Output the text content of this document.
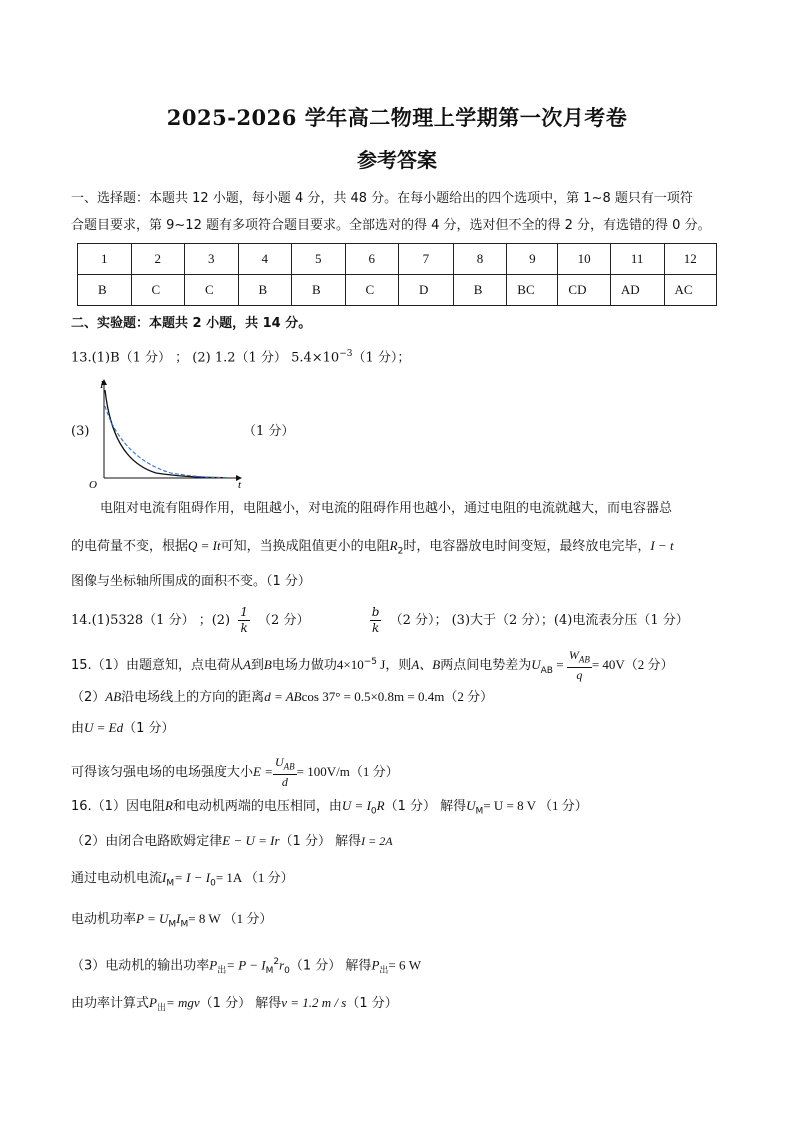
2025-2026 学年高二物理上学期第一次月考卷
参考答案
一、选择题：本题共 12 小题，每小题 4 分，共 48 分。在每小题给出的四个选项中，第 1~8 题只有一项符
合题目要求，第 9~12 题有多项符合题目要求。全部选对的得 4 分，选对但不全的得 2 分，有选错的得 0 分。
1	2	3	4	5	6	7	8	9	10	11	12
B	C	C	B	B	C	D	B	BC	CD	AD	AC
二、实验题：本题共 2 小题，共 14 分。
13.(1)B（1 分） ； (2) 1.2（1 分） $5.4\times 10^{-3}(1$ 分）；
(3)	（1 分）
I
t
O
电阻对电流有阻碍作用，电阻越小，对电流的阻碍作用也越小，通过电阻的电流就越大，而电容器总
的电荷量不变，根据Q = It可知，当换成阻值更小的电阻$R_2$时，电容器放电时间变短，最终放电完毕，I − t
图像与坐标轴所围成的面积不变。（1 分）
14.(1)5328（1 分） ；$(2) \frac{1}{k} (2$ 分）	$\frac{b}{k} (2$ 分）； (3)大于（2 分）；(4)电流表分压（1 分）
15.（1）由题意知，点电荷从A到B电场力做功$4\times 10^{-5}$ J，则A、B两点间电势差为$U_{AB} = \frac{W_{AB}}{q} = 40V(2$ 分）
（2）AB沿电场线上的方向的距离d = ABcos 37° = 0.5×0.8m = 0.4m（2 分）
由U = Ed（1 分）
可得该匀强电场的电场强度大小$E = \frac{U_{AB}}{d} = 100V/m(1$ 分）
16.（1）因电阻R和电动机两端的电压相同，由$U = I_0R(1$ 分） 解得$U_M= U = 8$ V （1 分）
（2）由闭合电路欧姆定律E − U = Ir（1 分） 解得I = 2A
通过电动机电流$I_M= I - I_0= 1A$ （1 分）
电动机功率$P = U_MI_M= 8$ W （1 分）
（3）电动机的输出功率$P_出= P - I_M^2r_0(1$ 分） 解得$P_出= 6$ W
由功率计算式$P_出= mgv(1$ 分） 解得v = 1.2 m / s（1 分）
